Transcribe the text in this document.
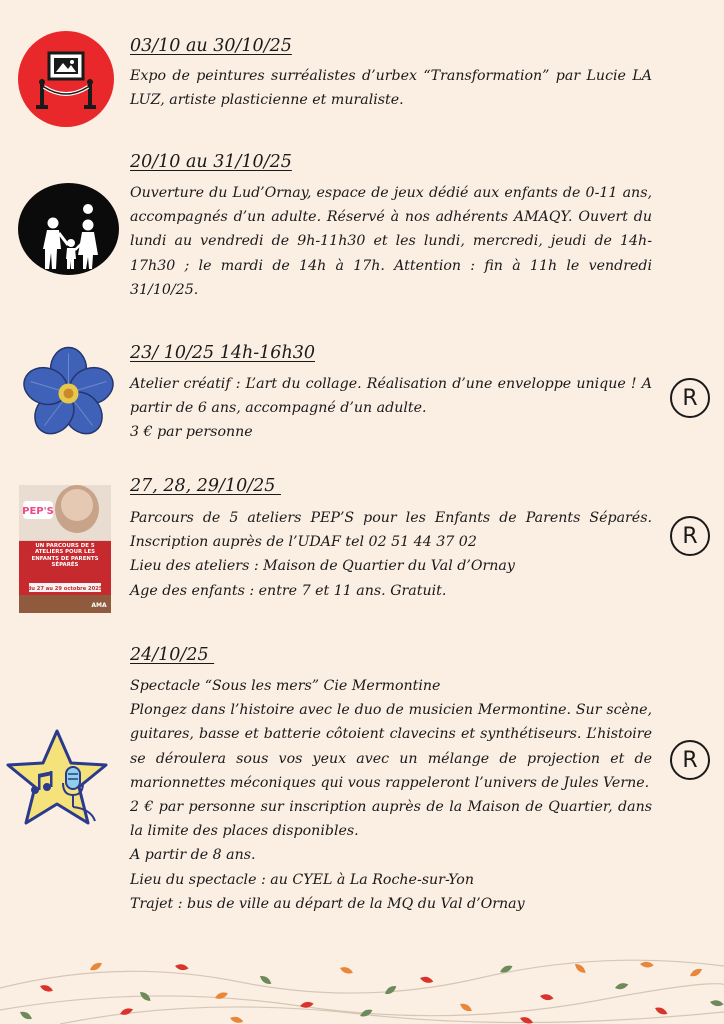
03/10 au 30/10/25

Expo de peintures surréalistes d’urbex “Transformation” par Lucie LA LUZ, artiste plasticienne et muraliste.

20/10 au 31/10/25

Ouverture du Lud’Ornay, espace de jeux dédié aux enfants de 0-11 ans, accompagnés d’un adulte. Réservé à nos adhérents AMAQY. Ouvert du lundi au vendredi de 9h-11h30 et les lundi, mercredi, jeudi de 14h-17h30 ; le mardi de 14h à 17h. Attention : fin à 11h le vendredi 31/10/25.

23/ 10/25 14h-16h30

Atelier créatif : L’art du collage. Réalisation d’une enveloppe unique ! A partir de 6 ans, accompagné d’un adulte.

3 € par personne

R
PEP'S
UN PARCOURS DE 5 ATELIERS POUR LES ENFANTS DE PARENTS SÉPARÉS
du 27 au 29 octobre 2025
AMA
27, 28, 29/10/25

Parcours de 5 ateliers PEP’S pour les Enfants de Parents Séparés. Inscription auprès de l’UDAF tel 02 51 44 37 02

Lieu des ateliers : Maison de Quartier du Val d’Ornay

Age des enfants : entre 7 et 11 ans. Gratuit.

R
24/10/25

Spectacle “Sous les mers” Cie Mermontine

Plongez dans l’histoire avec le duo de musicien Mermontine. Sur scène, guitares, basse et batterie côtoient clavecins et synthétiseurs. L’histoire se déroulera sous vos yeux avec un mélange de projection et de marionnettes méconiques qui vous rappeleront l’univers de Jules Verne.

2 € par personne sur inscription auprès de la Maison de Quartier, dans la limite des places disponibles.

A partir de 8 ans.

Lieu du spectacle : au CYEL à La Roche-sur-Yon

Trajet : bus de ville au départ de la MQ du Val d’Ornay

R
